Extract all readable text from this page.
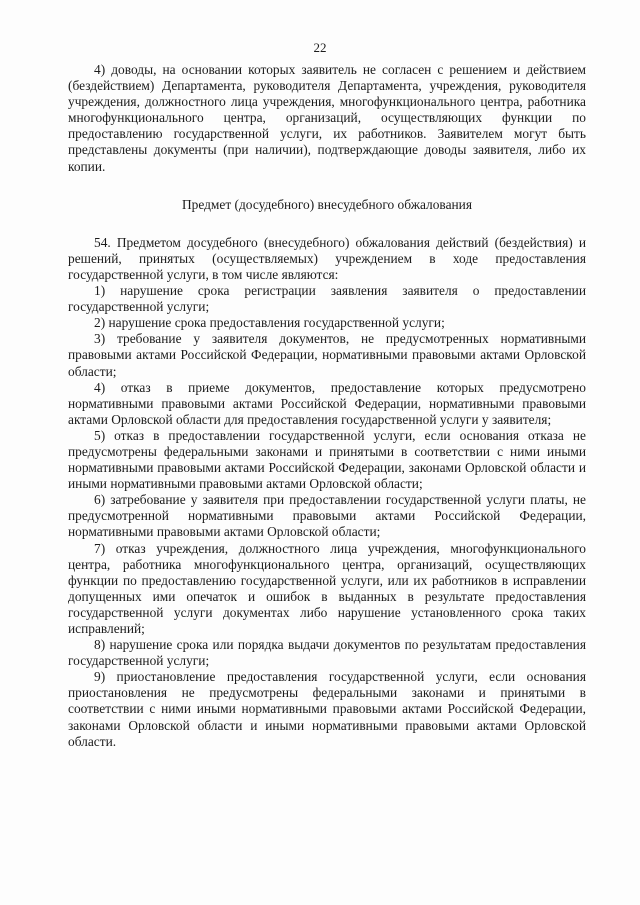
22

4) доводы, на основании которых заявитель не согласен с решением и действием (бездействием) Департамента, руководителя Департамента, учреждения, руководителя учреждения, должностного лица учреждения, многофункционального центра, работника многофункционального центра, организаций, осуществляющих функции по предоставлению государственной услуги, их работников. Заявителем могут быть представлены документы (при наличии), подтверждающие доводы заявителя, либо их копии.

Предмет (досудебного) внесудебного обжалования

54. Предметом досудебного (внесудебного) обжалования действий (бездействия) и решений, принятых (осуществляемых) учреждением в ходе предоставления государственной услуги, в том числе являются:

1) нарушение срока регистрации заявления заявителя о предоставлении государственной услуги;

2) нарушение срока предоставления государственной услуги;

3) требование у заявителя документов, не предусмотренных нормативными правовыми актами Российской Федерации, нормативными правовыми актами Орловской области;

4) отказ в приеме документов, предоставление которых предусмотрено нормативными правовыми актами Российской Федерации, нормативными правовыми актами Орловской области для предоставления государственной услуги у заявителя;

5) отказ в предоставлении государственной услуги, если основания отказа не предусмотрены федеральными законами и принятыми в соответствии с ними иными нормативными правовыми актами Российской Федерации, законами Орловской области и иными нормативными правовыми актами Орловской области;

6) затребование у заявителя при предоставлении государственной услуги платы, не предусмотренной нормативными правовыми актами Российской Федерации, нормативными правовыми актами Орловской области;

7) отказ учреждения, должностного лица учреждения, многофункционального центра, работника многофункционального центра, организаций, осуществляющих функции по предоставлению государственной услуги, или их работников в исправлении допущенных ими опечаток и ошибок в выданных в результате предоставления государственной услуги документах либо нарушение установленного срока таких исправлений;

8) нарушение срока или порядка выдачи документов по результатам предоставления государственной услуги;

9) приостановление предоставления государственной услуги, если основания приостановления не предусмотрены федеральными законами и принятыми в соответствии с ними иными нормативными правовыми актами Российской Федерации, законами Орловской области и иными нормативными правовыми актами Орловской области.
